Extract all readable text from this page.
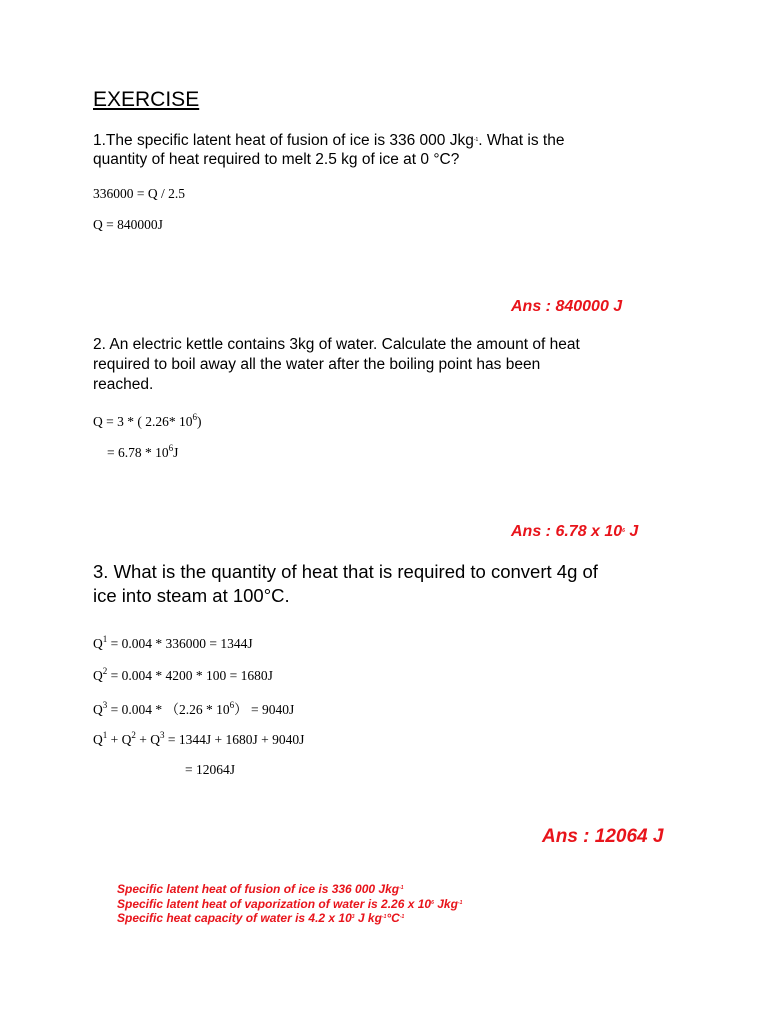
EXERCISE
1.The specific latent heat of fusion of ice is 336 000 Jkg$^{-1}$. What is the
quantity of heat required to melt 2.5 kg of ice at 0 °C?
336000 = Q / 2.5
Q = 840000J
Ans : 840000 J
2. An electric kettle contains 3kg of water. Calculate the amount of heat
required to boil away all the water after the boiling point has been
reached.
Q = 3 * ( 2.26* $10^6$)
= $6.78 * 10^6J$
Ans : 6.78 x $10^6$ J
3. What is the quantity of heat that is required to convert 4g of
ice into steam at 100°C.
$Q^1 = 0.004 * 336000 = 1344J$
$Q^2 = 0.004 * 4200 * 100 = 1680J$
$Q^3 = 0.004 * (2.26 * 10^6) = 9040J$
$Q^1 + Q^2 + Q^3 = 1344J + 1680J + 9040J$
= 12064J
Ans : 12064 J
Specific latent heat of fusion of ice is 336 000 Jkg$^{-1}$
Specific latent heat of vaporization of water is 2.26 x $10^6$ Jkg$^{-1}$
Specific heat capacity of water is 4.2 x $10^3$ J $kg^{-1}^\circ C^{-1}$
